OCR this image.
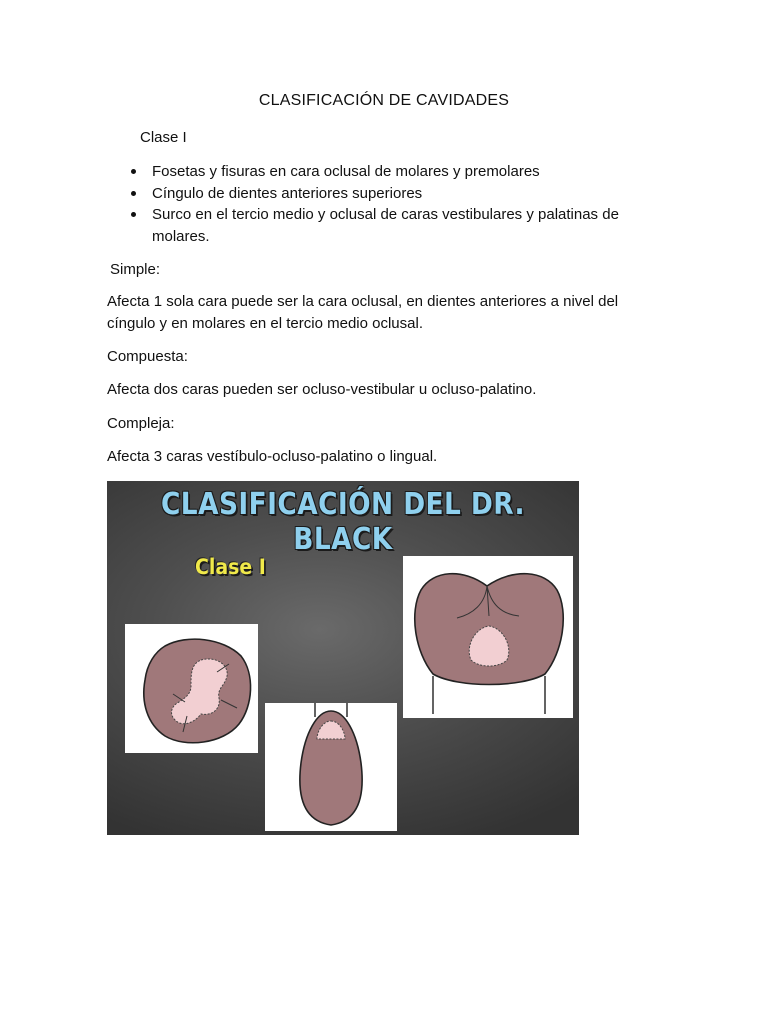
CLASIFICACIÓN DE CAVIDADES
Clase I
Fosetas y fisuras en cara oclusal de molares y premolares
Cíngulo de dientes anteriores superiores
Surco en el tercio medio y oclusal de caras vestibulares y palatinas de molares.

Simple:

Afecta 1 sola cara puede ser la cara oclusal, en dientes anteriores a nivel del cíngulo y en molares en el tercio medio oclusal.

Compuesta:

Afecta dos caras pueden ser ocluso-vestibular u ocluso-palatino.

Compleja:

Afecta 3 caras vestíbulo-ocluso-palatino o lingual.

CLASIFICACIÓN DEL DR. BLACK
Clase I
